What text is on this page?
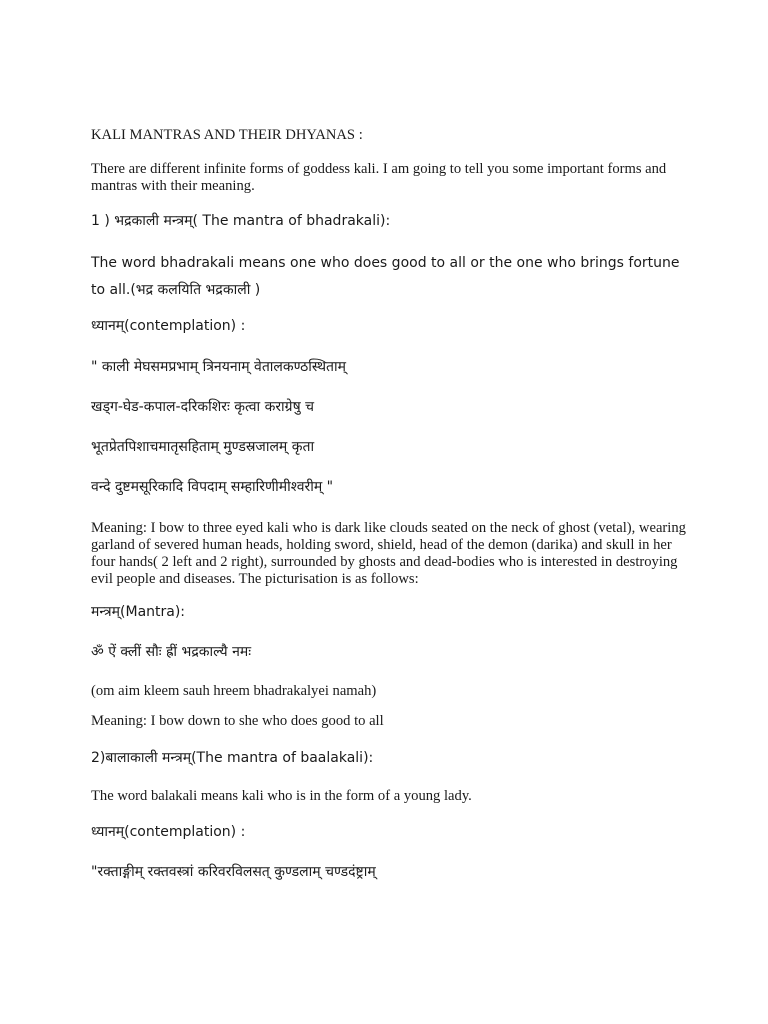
KALI MANTRAS AND THEIR DHYANAS :

There are different infinite forms of goddess kali. I am going to tell you some important forms and mantras with their meaning.

1 ) भद्रकाली मन्त्रम्( The mantra of bhadrakali):

The word bhadrakali means one who does good to all or the one who brings fortune to all.(भद्र कलयिति भद्रकाली )

ध्यानम्(contemplation) :

" काली मेघसमप्रभाम् त्रिनयनाम् वेतालकण्ठस्थिताम्

खड्ग-घेड-कपाल-दरिकशिरः कृत्वा कराग्रेषु च

भूतप्रेतपिशाचमातृसहिताम् मुण्डस्रजालम् कृता

वन्दे दुष्टमसूरिकादि विपदाम् सम्हारिणीमीश्वरीम् "

Meaning: I bow to three eyed kali who is dark like clouds seated on the neck of ghost (vetal), wearing garland of severed human heads, holding sword, shield, head of the demon (darika) and skull in her four hands( 2 left and 2 right), surrounded by ghosts and dead-bodies who is interested in destroying evil people and diseases. The picturisation is as follows:

मन्त्रम्(Mantra):

ॐ ऐं क्लीं सौः ह्रीं भद्रकाल्यै नमः

(om aim kleem sauh hreem bhadrakalyei namah)

Meaning: I bow down to she who does good to all

2)बालाकाली मन्त्रम्(The mantra of baalakali):

The word balakali means kali who is in the form of a young lady.

ध्यानम्(contemplation) :

"रक्ताङ्गीम् रक्तवस्त्रां करिवरविलसत् कुण्डलाम् चण्डदंष्ट्राम्
